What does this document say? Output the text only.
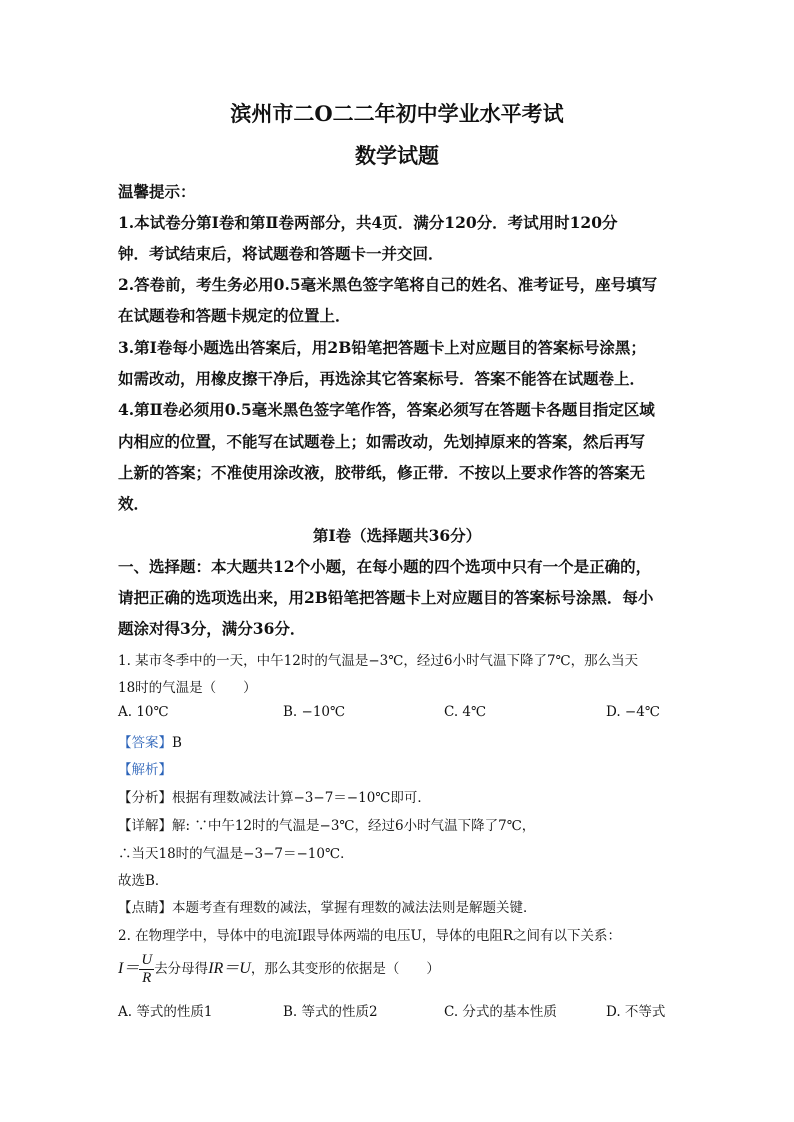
滨州市二O二二年初中学业水平考试
数学试题
温馨提示：
1.本试卷分第Ⅰ卷和第Ⅱ卷两部分，共4页．满分120分．考试用时120分
钟．考试结束后，将试题卷和答题卡一并交回．
2.答卷前，考生务必用0.5毫米黑色签字笔将自己的姓名、准考证号，座号填写
在试题卷和答题卡规定的位置上．
3.第Ⅰ卷每小题选出答案后，用2B铅笔把答题卡上对应题目的答案标号涂黑；
如需改动，用橡皮擦干净后，再选涂其它答案标号．答案不能答在试题卷上．
4.第Ⅱ卷必须用0.5毫米黑色签字笔作答，答案必须写在答题卡各题目指定区域
内相应的位置，不能写在试题卷上；如需改动，先划掉原来的答案，然后再写
上新的答案；不准使用涂改液，胶带纸，修正带．不按以上要求作答的答案无
效．
第Ⅰ卷（选择题共36分）
一、选择题：本大题共12个小题，在每小题的四个选项中只有一个是正确的，
请把正确的选项选出来，用2B铅笔把答题卡上对应题目的答案标号涂黑．每小
题涂对得3分，满分36分．
1. 某市冬季中的一天，中午12时的气温是−3℃，经过6小时气温下降了7℃，那么当天
18时的气温是（　　）
A. 10℃	B. −10℃	C. 4℃	D. −4℃
【答案】B
【解析】
【分析】根据有理数减法计算−3−7＝−10℃即可．
【详解】解: ∵中午12时的气温是−3℃，经过6小时气温下降了7℃，
∴当天18时的气温是−3−7＝−10℃．
故选B．
【点睛】本题考查有理数的减法，掌握有理数的减法法则是解题关键．
2. 在物理学中，导体中的电流Ⅰ跟导体两端的电压U，导体的电阻R之间有以下关系：
$I= \frac{U}{R}$ 去分母得IR＝U，那么其变形的依据是（　　）
A. 等式的性质1	B. 等式的性质2	C. 分式的基本性质	D. 不等式
